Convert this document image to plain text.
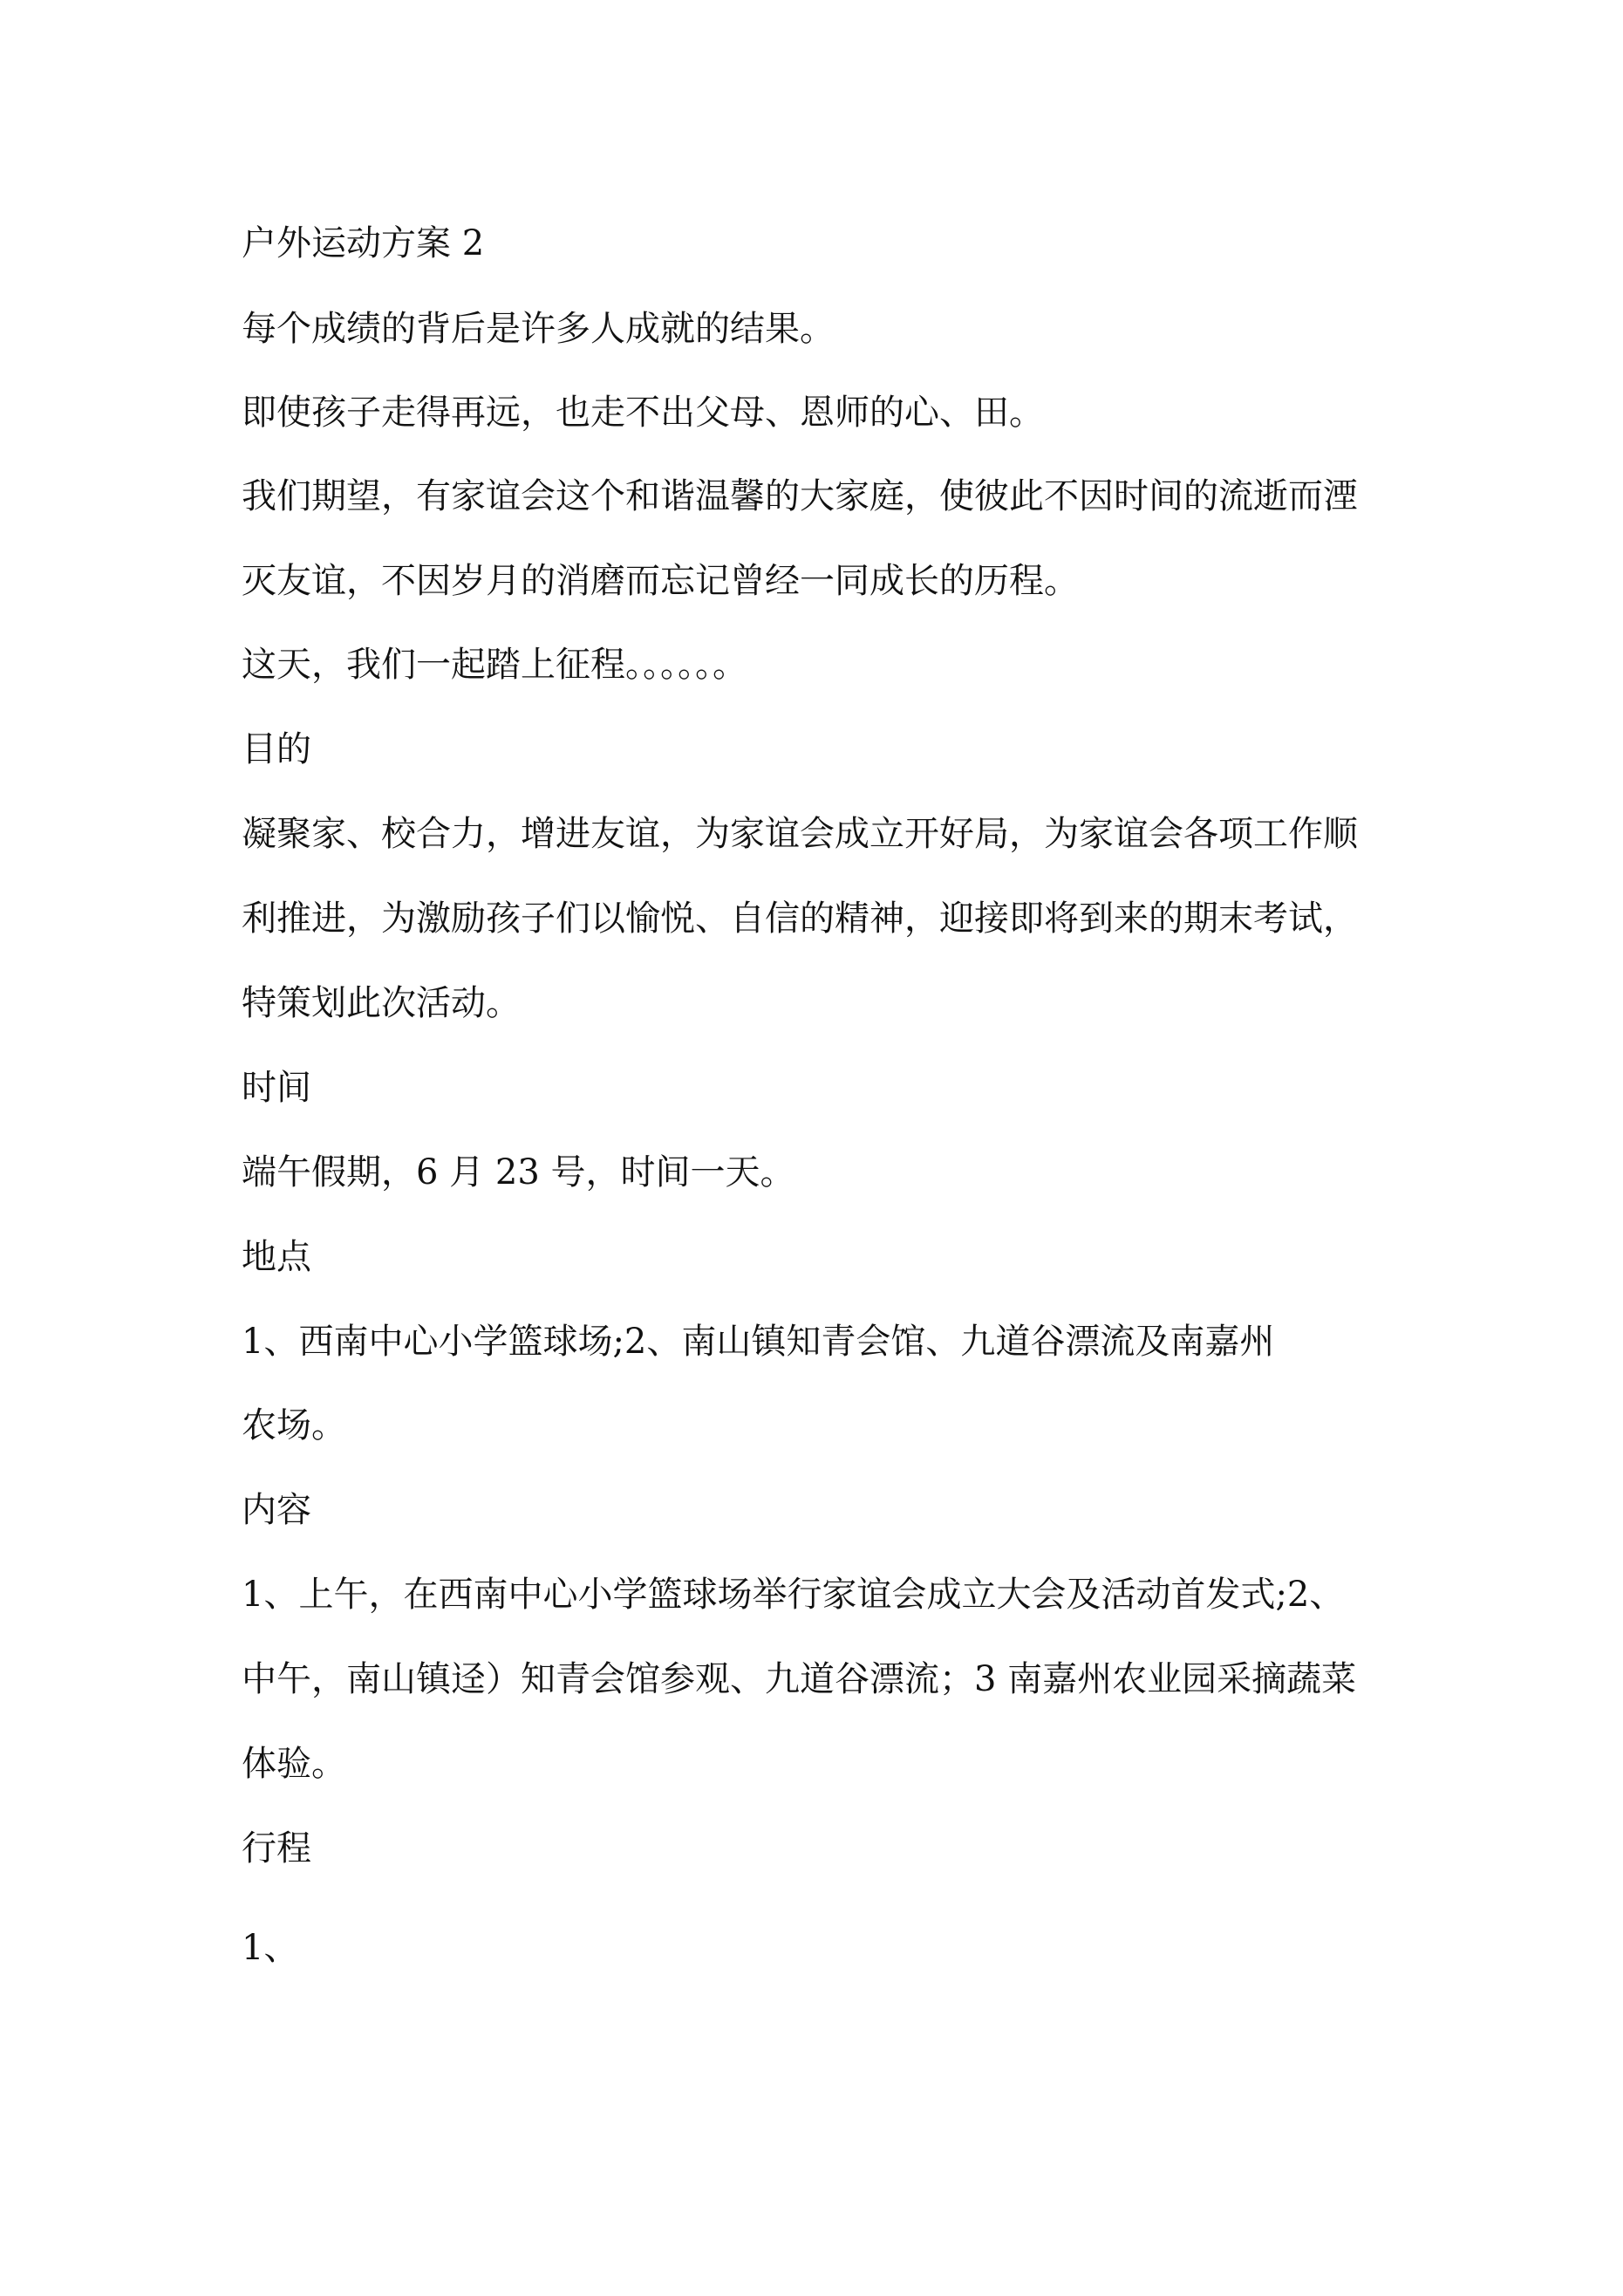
户外运动方案 2

每个成绩的背后是许多人成就的结果。

即使孩子走得再远，也走不出父母、恩师的心、田。

我们期望，有家谊会这个和谐温馨的大家庭，使彼此不因时间的流逝而湮

灭友谊，不因岁月的消磨而忘记曾经一同成长的历程。

这天，我们一起踏上征程。。。。。。

目的

凝聚家、校合力，增进友谊，为家谊会成立开好局，为家谊会各项工作顺

利推进，为激励孩子们以愉悦、自信的精神，迎接即将到来的期末考试，

特策划此次活动。

时间

端午假期，6 月 23 号，时间一天。

地点

1、西南中心小学篮球场;2、南山镇知青会馆、九道谷漂流及南嘉州

农场。

内容

1、上午，在西南中心小学篮球场举行家谊会成立大会及活动首发式;2、

中午，南山镇迳）知青会馆参观、九道谷漂流；3 南嘉州农业园采摘蔬菜

体验。

行程

1、
